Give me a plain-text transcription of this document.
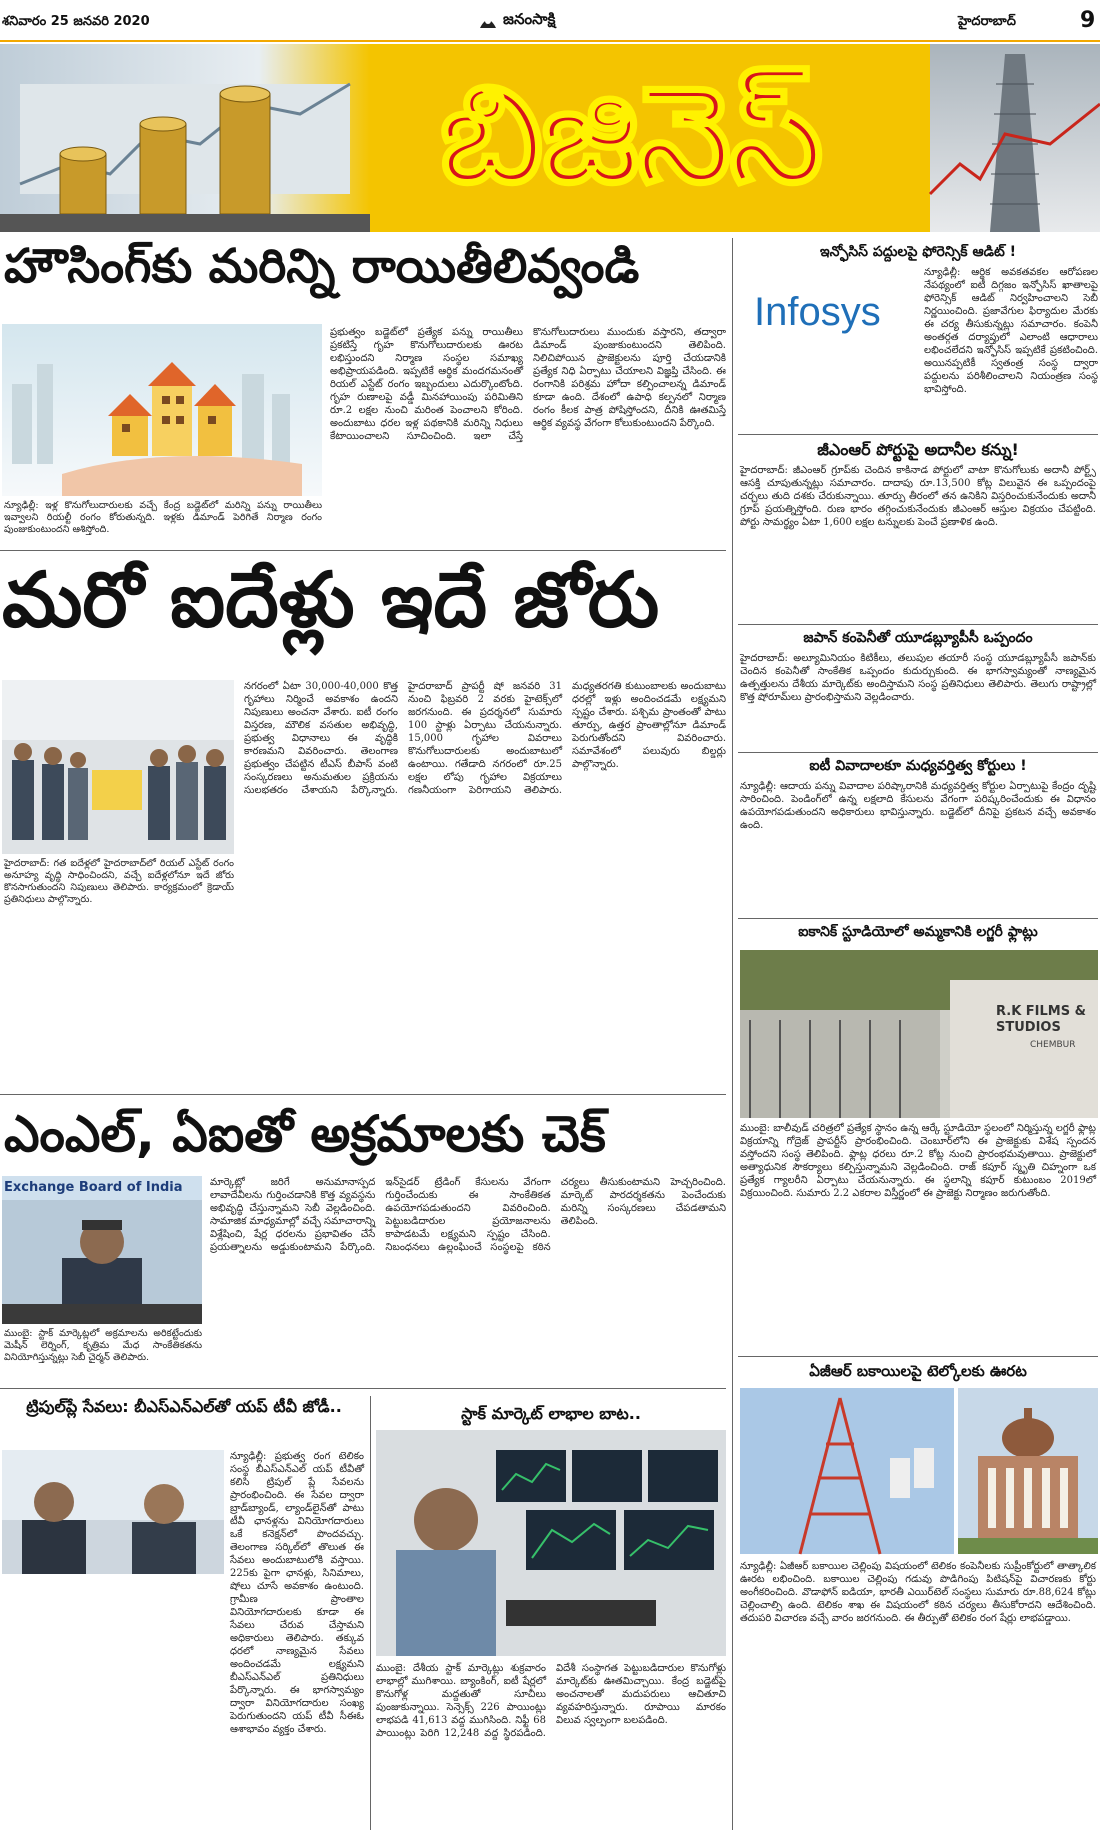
శనివారం 25 జనవరి 2020	జనంసాక్షి	హైదరాబాద్	9
బిజినెస్
హౌసింగ్‌కు మరిన్ని రాయితీలివ్వండి
న్యూఢిల్లీ: ఇళ్ల కొనుగోలుదారులకు వచ్చే కేంద్ర బడ్జెట్‌లో మరిన్ని పన్ను రాయితీలు ఇవ్వాలని రియల్టీ రంగం కోరుతున్నది. ఇళ్లకు డిమాండ్ పెరిగితే నిర్మాణ రంగం పుంజుకుంటుందని ఆశిస్తోంది.
ప్రభుత్వం బడ్జెట్‌లో ప్రత్యేక పన్ను రాయితీలు ప్రకటిస్తే గృహ కొనుగోలుదారులకు ఊరట లభిస్తుందని నిర్మాణ సంస్థల సమాఖ్య అభిప్రాయపడింది. ఇప్పటికే ఆర్థిక మందగమనంతో రియల్ ఎస్టేట్ రంగం ఇబ్బందులు ఎదుర్కొంటోంది. గృహ రుణాలపై వడ్డీ మినహాయింపు పరిమితిని రూ.2 లక్షల నుంచి మరింత పెంచాలని కోరింది. అందుబాటు ధరల ఇళ్ల పథకానికి మరిన్ని నిధులు కేటాయించాలని సూచించింది. ఇలా చేస్తే కొనుగోలుదారులు ముందుకు వస్తారని, తద్వారా డిమాండ్ పుంజుకుంటుందని తెలిపింది. నిలిచిపోయిన ప్రాజెక్టులను పూర్తి చేయడానికి ప్రత్యేక నిధి ఏర్పాటు చేయాలని విజ్ఞప్తి చేసింది. ఈ రంగానికి పరిశ్రమ హోదా కల్పించాలన్న డిమాండ్ కూడా ఉంది. దేశంలో ఉపాధి కల్పనలో నిర్మాణ రంగం కీలక పాత్ర పోషిస్తోందని, దీనికి ఊతమిస్తే ఆర్థిక వ్యవస్థ వేగంగా కోలుకుంటుందని పేర్కొంది.
మరో ఐదేళ్లు ఇదే జోరు
హైదరాబాద్: గత ఐదేళ్లలో హైదరాబాద్‌లో రియల్ ఎస్టేట్ రంగం అనూహ్య వృద్ధి సాధించిందని, వచ్చే ఐదేళ్లలోనూ ఇదే జోరు కొనసాగుతుందని నిపుణులు తెలిపారు. కార్యక్రమంలో క్రెడాయ్ ప్రతినిధులు పాల్గొన్నారు.
నగరంలో ఏటా 30,000-40,000 కొత్త గృహాలు నిర్మించే అవకాశం ఉందని నిపుణులు అంచనా వేశారు. ఐటీ రంగం విస్తరణ, మౌలిక వసతుల అభివృద్ధి, ప్రభుత్వ విధానాలు ఈ వృద్ధికి కారణమని వివరించారు. తెలంగాణ ప్రభుత్వం చేపట్టిన టీఎస్ బీపాస్ వంటి సంస్కరణలు అనుమతుల ప్రక్రియను సులభతరం చేశాయని పేర్కొన్నారు. హైదరాబాద్ ప్రాపర్టీ షో జనవరి 31 నుంచి ఫిబ్రవరి 2 వరకు హైటెక్స్‌లో జరగనుంది. ఈ ప్రదర్శనలో సుమారు 100 స్టాళ్లు ఏర్పాటు చేయనున్నారు. 15,000 గృహాల వివరాలు కొనుగోలుదారులకు అందుబాటులో ఉంటాయి. గతేడాది నగరంలో రూ.25 లక్షల లోపు గృహాల విక్రయాలు గణనీయంగా పెరిగాయని తెలిపారు. మధ్యతరగతి కుటుంబాలకు అందుబాటు ధరల్లో ఇళ్లు అందించడమే లక్ష్యమని స్పష్టం చేశారు. పశ్చిమ ప్రాంతంతో పాటు తూర్పు, ఉత్తర ప్రాంతాల్లోనూ డిమాండ్ పెరుగుతోందని వివరించారు. సమావేశంలో పలువురు బిల్డర్లు పాల్గొన్నారు.
ఎంఎల్, ఏఐతో అక్రమాలకు చెక్
Exchange Board of India
ముంబై: స్టాక్ మార్కెట్లలో అక్రమాలను అరికట్టేందుకు మెషీన్ లెర్నింగ్, కృత్రిమ మేధ సాంకేతికతను వినియోగిస్తున్నట్లు సెబీ చైర్మన్ తెలిపారు.
మార్కెట్లో జరిగే అనుమానాస్పద లావాదేవీలను గుర్తించడానికి కొత్త వ్యవస్థను అభివృద్ధి చేస్తున్నామని సెబీ వెల్లడించింది. సామాజిక మాధ్యమాల్లో వచ్చే సమాచారాన్ని విశ్లేషించి, షేర్ల ధరలను ప్రభావితం చేసే ప్రయత్నాలను అడ్డుకుంటామని పేర్కొంది. ఇన్‌సైడర్ ట్రేడింగ్ కేసులను వేగంగా గుర్తించేందుకు ఈ సాంకేతికత ఉపయోగపడుతుందని వివరించింది. పెట్టుబడిదారుల ప్రయోజనాలను కాపాడటమే లక్ష్యమని స్పష్టం చేసింది. నిబంధనలు ఉల్లంఘించే సంస్థలపై కఠిన చర్యలు తీసుకుంటామని హెచ్చరించింది. మార్కెట్ పారదర్శకతను పెంచేందుకు మరిన్ని సంస్కరణలు చేపడతామని తెలిపింది.
ట్రిపుల్‌ప్లే సేవలు: బీఎస్ఎన్ఎల్‌తో యప్ టీవీ జోడీ..
న్యూఢిల్లీ: ప్రభుత్వ రంగ టెలికం సంస్థ బీఎస్ఎన్ఎల్ యప్ టీవీతో కలిసి ట్రిపుల్ ప్లే సేవలను ప్రారంభించింది. ఈ సేవల ద్వారా బ్రాడ్‌బ్యాండ్, ల్యాండ్‌లైన్‌తో పాటు టీవీ ఛానళ్లను వినియోగదారులు ఒకే కనెక్షన్‌లో పొందవచ్చు. తెలంగాణ సర్కిల్‌లో తొలుత ఈ సేవలు అందుబాటులోకి వస్తాయి. 225కు పైగా ఛానళ్లు, సినిమాలు, షోలు చూసే అవకాశం ఉంటుంది. గ్రామీణ ప్రాంతాల వినియోగదారులకు కూడా ఈ సేవలు చేరువ చేస్తామని అధికారులు తెలిపారు. తక్కువ ధరలో నాణ్యమైన సేవలు అందించడమే లక్ష్యమని బీఎస్ఎన్ఎల్ ప్రతినిధులు పేర్కొన్నారు. ఈ భాగస్వామ్యం ద్వారా వినియోగదారుల సంఖ్య పెరుగుతుందని యప్ టీవీ సీఈఓ ఆశాభావం వ్యక్తం చేశారు.
స్టాక్ మార్కెట్ లాభాల బాట..
ముంబై: దేశీయ స్టాక్ మార్కెట్లు శుక్రవారం లాభాల్లో ముగిశాయి. బ్యాంకింగ్, ఐటీ షేర్లలో కొనుగోళ్ల మద్దతుతో సూచీలు పుంజుకున్నాయి. సెన్సెక్స్ 226 పాయింట్లు లాభపడి 41,613 వద్ద ముగిసింది. నిఫ్టీ 68 పాయింట్లు పెరిగి 12,248 వద్ద స్థిరపడింది. విదేశీ సంస్థాగత పెట్టుబడిదారుల కొనుగోళ్లు మార్కెట్‌కు ఊతమిచ్చాయి. కేంద్ర బడ్జెట్‌పై అంచనాలతో మదుపరులు ఆచితూచి వ్యవహరిస్తున్నారు. రూపాయి మారకం విలువ స్వల్పంగా బలపడింది.
ఇన్ఫోసిస్ పద్దులపై ఫోరెన్సిక్ ఆడిట్ !
Infosys
న్యూఢిల్లీ: ఆర్థిక అవకతవకల ఆరోపణల నేపథ్యంలో ఐటీ దిగ్గజం ఇన్ఫోసిస్ ఖాతాలపై ఫోరెన్సిక్ ఆడిట్ నిర్వహించాలని సెబీ నిర్ణయించింది. ప్రజావేగుల ఫిర్యాదుల మేరకు ఈ చర్య తీసుకున్నట్లు సమాచారం. కంపెనీ అంతర్గత దర్యాప్తులో ఎలాంటి ఆధారాలు లభించలేదని ఇన్ఫోసిస్ ఇప్పటికే ప్రకటించింది. అయినప్పటికీ స్వతంత్ర సంస్థ ద్వారా పద్దులను పరిశీలించాలని నియంత్రణ సంస్థ భావిస్తోంది.
జీఎంఆర్ పోర్టుపై అదానీల కన్ను!
హైదరాబాద్: జీఎంఆర్ గ్రూప్‌కు చెందిన కాకినాడ పోర్టులో వాటా కొనుగోలుకు అదానీ పోర్ట్స్ ఆసక్తి చూపుతున్నట్లు సమాచారం. దాదాపు రూ.13,500 కోట్ల విలువైన ఈ ఒప్పందంపై చర్చలు తుది దశకు చేరుకున్నాయి. తూర్పు తీరంలో తన ఉనికిని విస్తరించుకునేందుకు అదానీ గ్రూప్ ప్రయత్నిస్తోంది. రుణ భారం తగ్గించుకునేందుకు జీఎంఆర్ ఆస్తుల విక్రయం చేపట్టింది. పోర్టు సామర్థ్యం ఏటా 1,600 లక్షల టన్నులకు పెంచే ప్రణాళిక ఉంది.
జపాన్ కంపెనీతో యూడబ్ల్యూపీసీ ఒప్పందం
హైదరాబాద్: అల్యూమినియం కిటికీలు, తలుపుల తయారీ సంస్థ యూడబ్ల్యూపీసీ జపాన్‌కు చెందిన కంపెనీతో సాంకేతిక ఒప్పందం కుదుర్చుకుంది. ఈ భాగస్వామ్యంతో నాణ్యమైన ఉత్పత్తులను దేశీయ మార్కెట్‌కు అందిస్తామని సంస్థ ప్రతినిధులు తెలిపారు. తెలుగు రాష్ట్రాల్లో కొత్త షోరూమ్‌లు ప్రారంభిస్తామని వెల్లడించారు.
ఐటీ వివాదాలకూ మధ్యవర్తిత్వ కోర్టులు !
న్యూఢిల్లీ: ఆదాయ పన్ను వివాదాల పరిష్కారానికి మధ్యవర్తిత్వ కోర్టుల ఏర్పాటుపై కేంద్రం దృష్టి సారించింది. పెండింగ్‌లో ఉన్న లక్షలాది కేసులను వేగంగా పరిష్కరించేందుకు ఈ విధానం ఉపయోగపడుతుందని అధికారులు భావిస్తున్నారు. బడ్జెట్‌లో దీనిపై ప్రకటన వచ్చే అవకాశం ఉంది.
ఐకానిక్ స్టూడియోలో అమ్మకానికి లగ్జరీ ఫ్లాట్లు
R.K FILMS & STUDIOS
CHEMBUR
ముంబై: బాలీవుడ్ చరిత్రలో ప్రత్యేక స్థానం ఉన్న ఆర్కే స్టూడియో స్థలంలో నిర్మిస్తున్న లగ్జరీ ఫ్లాట్ల విక్రయాన్ని గోద్రెజ్ ప్రాపర్టీస్ ప్రారంభించింది. చెంబూర్‌లోని ఈ ప్రాజెక్టుకు విశేష స్పందన వస్తోందని సంస్థ తెలిపింది. ఫ్లాట్ల ధరలు రూ.2 కోట్ల నుంచి ప్రారంభమవుతాయి. ప్రాజెక్టులో అత్యాధునిక సౌకర్యాలు కల్పిస్తున్నామని వెల్లడించింది. రాజ్ కపూర్ స్మృతి చిహ్నంగా ఒక ప్రత్యేక గ్యాలరీని ఏర్పాటు చేయనున్నారు. ఈ స్థలాన్ని కపూర్ కుటుంబం 2019లో విక్రయించింది. సుమారు 2.2 ఎకరాల విస్తీర్ణంలో ఈ ప్రాజెక్టు నిర్మాణం జరుగుతోంది.
ఏజీఆర్ బకాయిలపై టెల్కోలకు ఊరట
న్యూఢిల్లీ: ఏజీఆర్ బకాయిల చెల్లింపు విషయంలో టెలికం కంపెనీలకు సుప్రీంకోర్టులో తాత్కాలిక ఊరట లభించింది. బకాయిల చెల్లింపు గడువు పొడిగింపు పిటిషన్‌పై విచారణకు కోర్టు అంగీకరించింది. వొడాఫోన్ ఐడియా, భారతీ ఎయిర్‌టెల్ సంస్థలు సుమారు రూ.88,624 కోట్లు చెల్లించాల్సి ఉంది. టెలికం శాఖ ఈ విషయంలో కఠిన చర్యలు తీసుకోరాదని ఆదేశించింది. తదుపరి విచారణ వచ్చే వారం జరగనుంది. ఈ తీర్పుతో టెలికం రంగ షేర్లు లాభపడ్డాయి.
